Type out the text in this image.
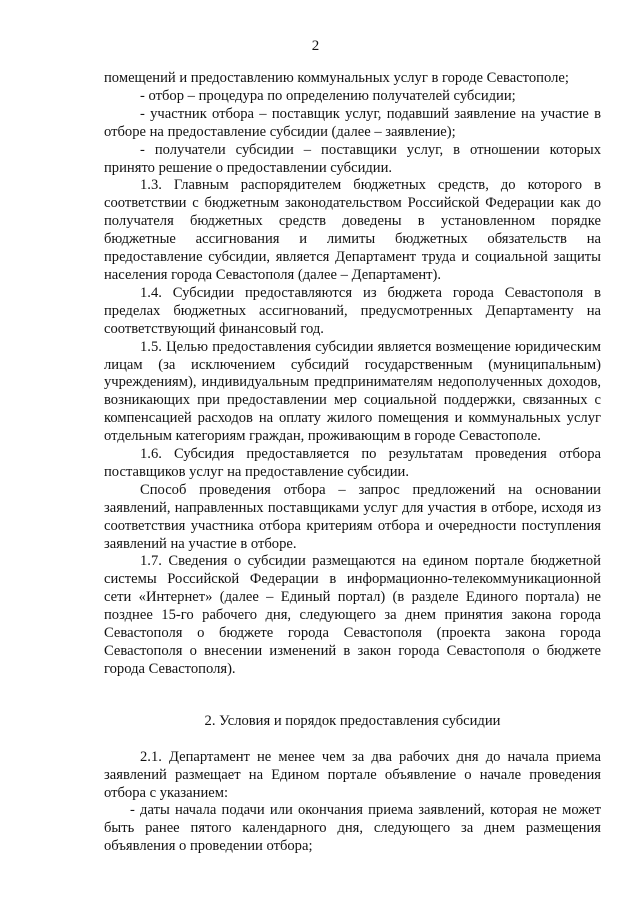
2

помещений и предоставлению коммунальных услуг в городе Севастополе;

- отбор – процедура по определению получателей субсидии;

- участник отбора – поставщик услуг, подавший заявление на участие в отборе на предоставление субсидии (далее – заявление);

- получатели субсидии – поставщики услуг, в отношении которых принято решение о предоставлении субсидии.

1.3. Главным распорядителем бюджетных средств, до которого в соответствии с бюджетным законодательством Российской Федерации как до получателя бюджетных средств доведены в установленном порядке бюджетные ассигнования и лимиты бюджетных обязательств на предоставление субсидии, является Департамент труда и социальной защиты населения города Севастополя (далее – Департамент).

1.4. Субсидии предоставляются из бюджета города Севастополя в пределах бюджетных ассигнований, предусмотренных Департаменту на соответствующий финансовый год.

1.5. Целью предоставления субсидии является возмещение юридическим лицам (за исключением субсидий государственным (муниципальным) учреждениям), индивидуальным предпринимателям недополученных доходов, возникающих при предоставлении мер социальной поддержки, связанных с компенсацией расходов на оплату жилого помещения и коммунальных услуг отдельным категориям граждан, проживающим в городе Севастополе.

1.6. Субсидия предоставляется по результатам проведения отбора поставщиков услуг на предоставление субсидии.

Способ проведения отбора – запрос предложений на основании заявлений, направленных поставщиками услуг для участия в отборе, исходя из соответствия участника отбора критериям отбора и очередности поступления заявлений на участие в отборе.

1.7. Сведения о субсидии размещаются на едином портале бюджетной системы Российской Федерации в информационно-телекоммуникационной сети «Интернет» (далее – Единый портал) (в разделе Единого портала) не позднее 15-го рабочего дня, следующего за днем принятия закона города Севастополя о бюджете города Севастополя (проекта закона города Севастополя о внесении изменений в закон города Севастополя о бюджете города Севастополя).

2. Условия и порядок предоставления субсидии

2.1. Департамент не менее чем за два рабочих дня до начала приема заявлений размещает на Едином портале объявление о начале проведения отбора с указанием:

- даты начала подачи или окончания приема заявлений, которая не может быть ранее пятого календарного дня, следующего за днем размещения объявления о проведении отбора;
